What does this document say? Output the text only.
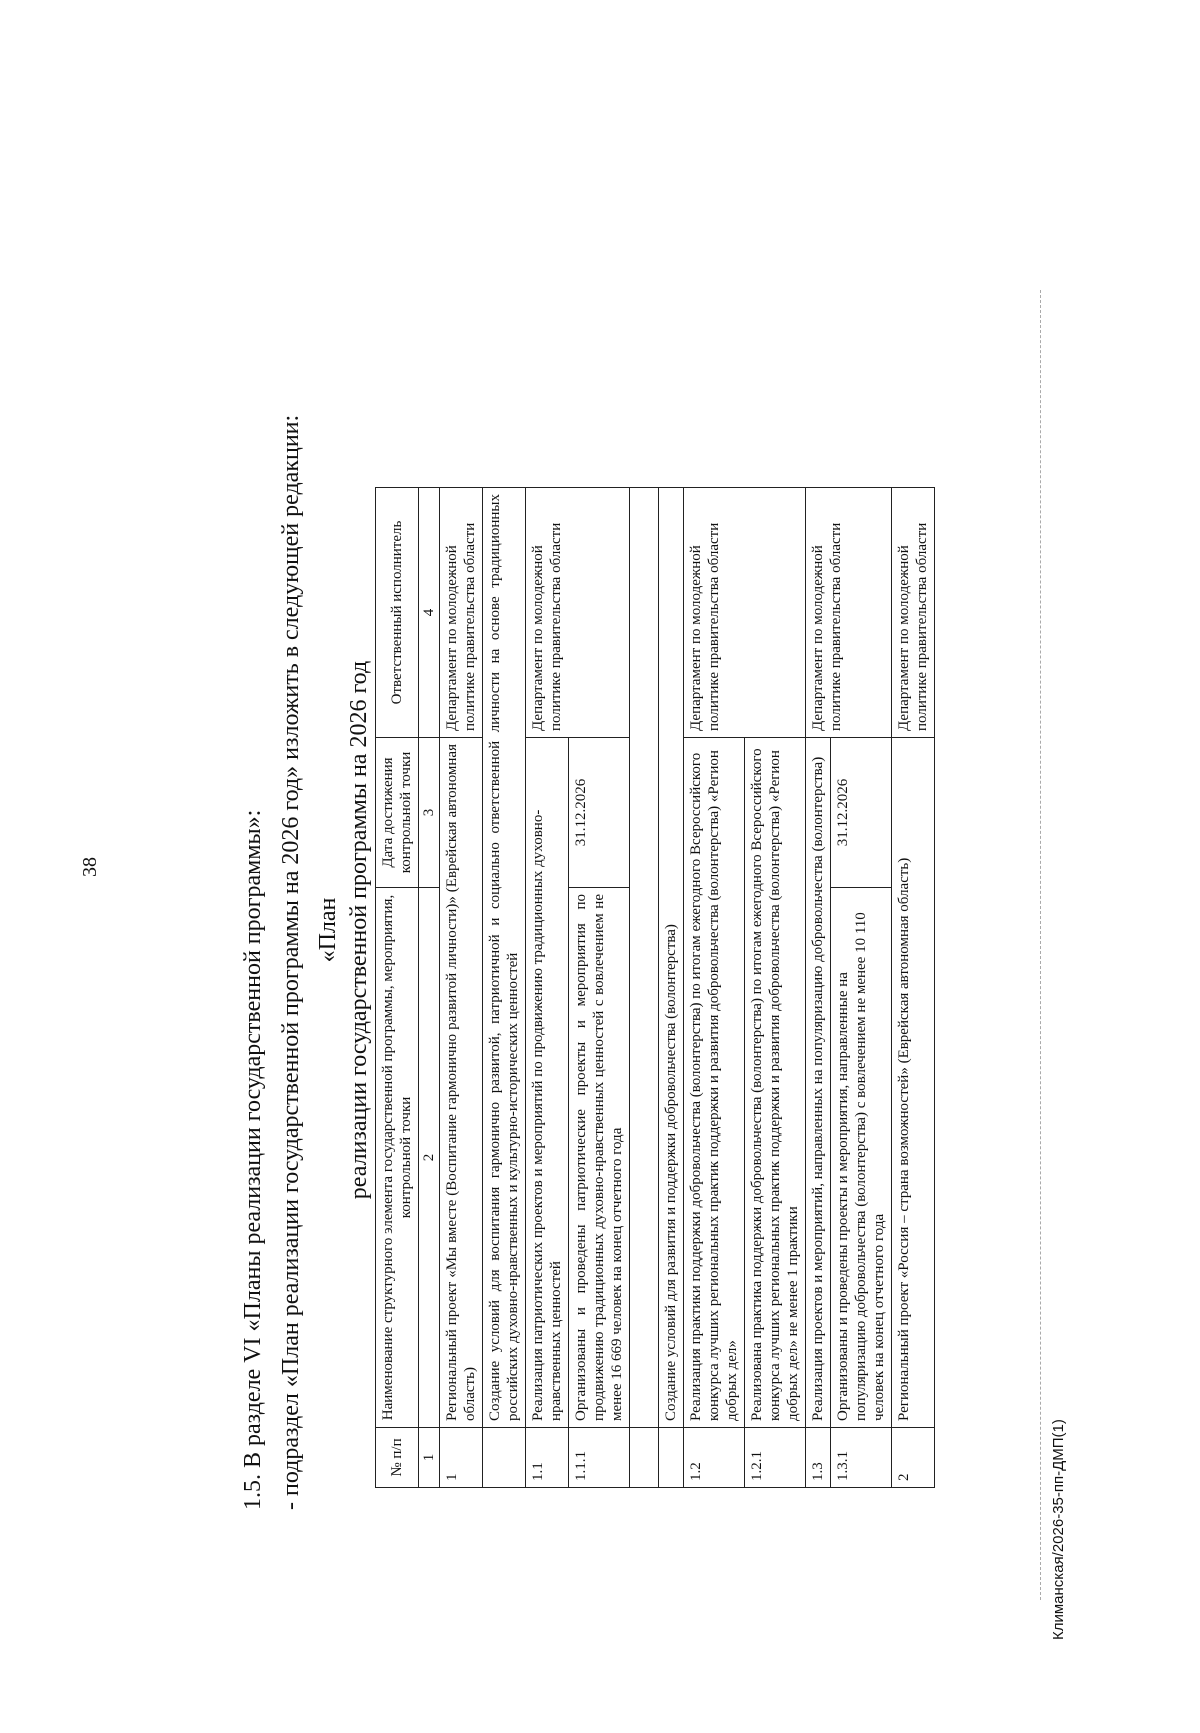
38	1.5. В разделе VI «Планы реализации государственной программы»: - подраздел «План реализации государственной программы на 2026 год» изложить в следующей редакции: «План реализации государственной программы на 2026 год
№ п/п	Наименование структурного элемента государственной программы, мероприятия, контрольной точки	Дата достижения контрольной точки	Ответственный исполнитель
1	2	3	4
1	Региональный проект «Мы вместе (Воспитание гармонично развитой личности)» (Еврейская автономная область)		Департамент по молодежной политике правительства области
	Создание условий для воспитания гармонично развитой, патриотичной и социально ответственной личности на основе традиционных российских духовно-нравственных и культурно-исторических ценностей		
1.1	Реализация патриотических проектов и мероприятий по продвижению традиционных духовно-нравственных ценностей		Департамент по молодежной политике правительства области
1.1.1	Организованы и проведены патриотические проекты и мероприятия по продвижению традиционных духовно-нравственных ценностей с вовлечением не менее 16 669 человек на конец отчетного года	31.12.2026	

	Создание условий для развития и поддержки добровольчества (волонтерства)		
1.2	Реализация практики поддержки добровольчества (волонтерства) по итогам ежегодного Всероссийского конкурса лучших региональных практик поддержки и развития добровольчества (волонтерства) «Регион добрых дел»		Департамент по молодежной политике правительства области
1.2.1	Реализована практика поддержки добровольчества (волонтерства) по итогам ежегодного Всероссийского конкурса лучших региональных практик поддержки и развития добровольчества (волонтерства) «Регион добрых дел» не менее 1 практики		
1.3	Реализация проектов и мероприятий, направленных на популяризацию добровольчества (волонтерства)		Департамент по молодежной политике правительства области
1.3.1	Организованы и проведены проекты и мероприятия, направленные на популяризацию добровольчества (волонтерства) с вовлечением не менее 10 110 человек на конец отчетного года	31.12.2026	
2	Региональный проект «Россия – страна возможностей» (Еврейская автономная область)		Департамент по молодежной политике правительства области
Климанская/2026-35-пп-ДМП(1)
